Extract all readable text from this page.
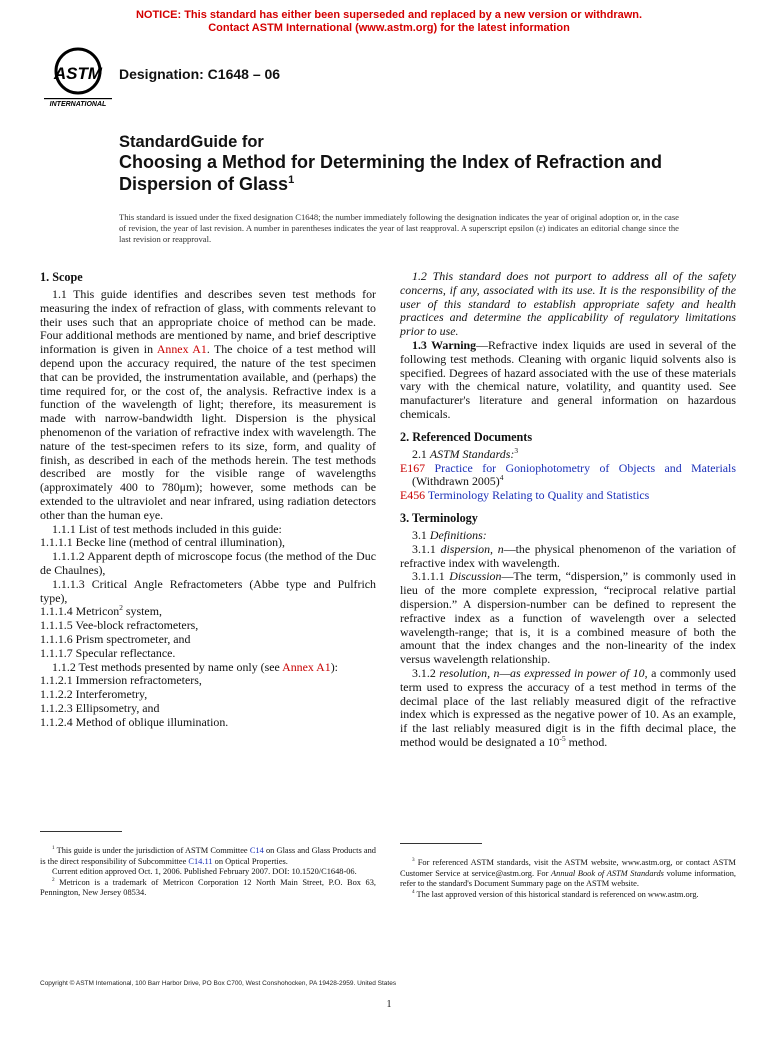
NOTICE: This standard has either been superseded and replaced by a new version or withdrawn.
Contact ASTM International (www.astm.org) for the latest information
ASTM
INTERNATIONAL
Designation: C1648 – 06
StandardGuide for
Choosing a Method for Determining the Index of Refraction and Dispersion of Glass$^1$
This standard is issued under the fixed designation C1648; the number immediately following the designation indicates the year of original adoption or, in the case of revision, the year of last revision. A number in parentheses indicates the year of last reapproval. A superscript epsilon (ε) indicates an editorial change since the last revision or reapproval.
1. Scope

1.1 This guide identifies and describes seven test methods for measuring the index of refraction of glass, with comments relevant to their uses such that an appropriate choice of method can be made. Four additional methods are mentioned by name, and brief descriptive information is given in Annex A1. The choice of a test method will depend upon the accuracy required, the nature of the test specimen that can be provided, the instrumentation available, and (perhaps) the time required for, or the cost of, the analysis. Refractive index is a function of the wavelength of light; therefore, its measurement is made with narrow-bandwidth light. Dispersion is the physical phenomenon of the variation of refractive index with wavelength. The nature of the test-specimen refers to its size, form, and quality of finish, as described in each of the methods herein. The test methods described are mostly for the visible range of wavelengths (approximately 400 to 780μm); however, some methods can be extended to the ultraviolet and near infrared, using radiation detectors other than the human eye.

1.1.1 List of test methods included in this guide:

1.1.1.1 Becke line (method of central illumination),

1.1.1.2 Apparent depth of microscope focus (the method of the Duc de Chaulnes),

1.1.1.3 Critical Angle Refractometers (Abbe type and Pulfrich type),

1.1.1.4 Metricon$^2$ system,

1.1.1.5 Vee-block refractometers,

1.1.1.6 Prism spectrometer, and

1.1.1.7 Specular reflectance.

1.1.2 Test methods presented by name only (see Annex A1):

1.1.2.1 Immersion refractometers,

1.1.2.2 Interferometry,

1.1.2.3 Ellipsometry, and

1.1.2.4 Method of oblique illumination.

1.2 This standard does not purport to address all of the safety concerns, if any, associated with its use. It is the responsibility of the user of this standard to establish appropriate safety and health practices and determine the applicability of regulatory limitations prior to use.

1.3 Warning—Refractive index liquids are used in several of the following test methods. Cleaning with organic liquid solvents also is specified. Degrees of hazard associated with the use of these materials vary with the chemical nature, volatility, and quantity used. See manufacturer's literature and general information on hazardous chemicals.

2. Referenced Documents

2.1 ASTM Standards:$^3$

E167 Practice for Goniophotometry of Objects and Materials (Withdrawn 2005)$^4$

E456 Terminology Relating to Quality and Statistics

3. Terminology

3.1 Definitions:

3.1.1 dispersion, n—the physical phenomenon of the variation of refractive index with wavelength.

3.1.1.1 Discussion—The term, “dispersion,” is commonly used in lieu of the more complete expression, “reciprocal relative partial dispersion.” A dispersion-number can be defined to represent the refractive index as a function of wavelength over a selected wavelength-range; that is, it is a combined measure of both the amount that the index changes and the non-linearity of the index versus wavelength relationship.

3.1.2 resolution, n—as expressed in power of 10, a commonly used term used to express the accuracy of a test method in terms of the decimal place of the last reliably measured digit of the refractive index which is expressed as the negative power of 10. As an example, if the last reliably measured digit is in the fifth decimal place, the method would be designated a $10^{-5}$ method.

$^1$ This guide is under the jurisdiction of ASTM Committee C14 on Glass and Glass Products and is the direct responsibility of Subcommittee C14.11 on Optical Properties.

Current edition approved Oct. 1, 2006. Published February 2007. DOI: 10.1520/C1648-06.

$^2$ Metricon is a trademark of Metricon Corporation 12 North Main Street, P.O. Box 63, Pennington, New Jersey 08534.

$^3$ For referenced ASTM standards, visit the ASTM website, www.astm.org, or contact ASTM Customer Service at service@astm.org. For Annual Book of ASTM Standards volume information, refer to the standard's Document Summary page on the ASTM website.

$^4$ The last approved version of this historical standard is referenced on www.astm.org.

Copyright © ASTM International, 100 Barr Harbor Drive, PO Box C700, West Conshohocken, PA 19428-2959. United States
1
